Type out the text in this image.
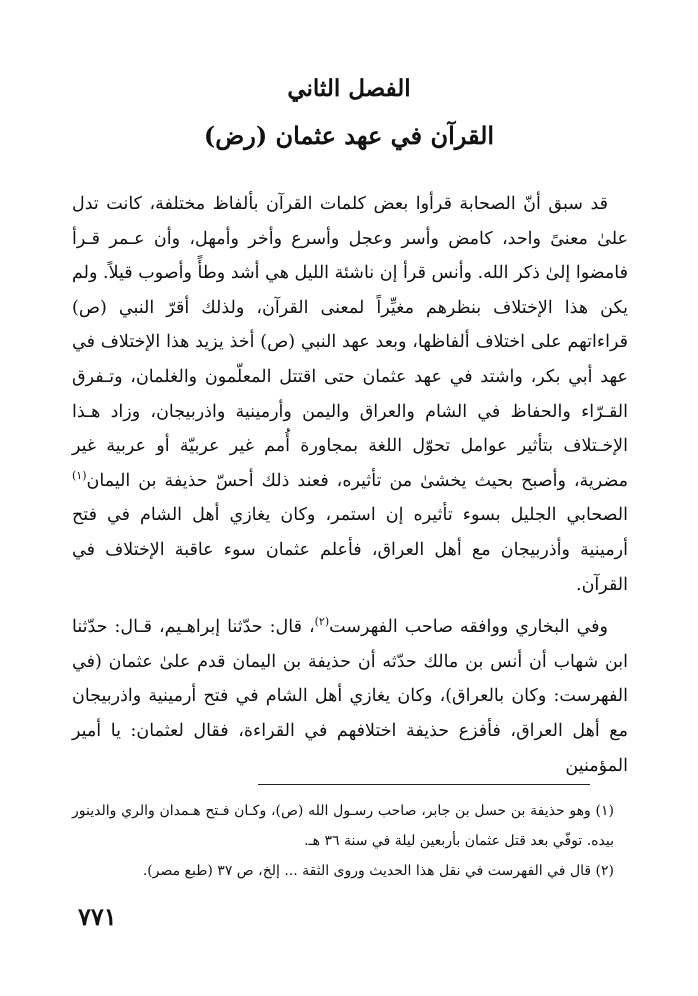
الفصل الثاني
القرآن في عهد عثمان (رض)

قد سبق أنّ الصحابة قرأوا بعض كلمات القرآن بألفاظ مختلفة، كانت تدل علىٰ معنىً واحد، كامض وأسر وعجل وأسرع وأخر وأمهل، وأن عـمر قـرأ فامضوا إلىٰ ذكر الله. وأنس قرأ إن ناشئة الليل هي أشد وطأً وأصوب قيلاً. ولم يكن هذا الإختلاف بنظرهم مغيِّراً لمعنى القرآن، ولذلك أقرّ النبي (ص) قراءاتهم على اختلاف ألفاظها، وبعد عهد النبي (ص) أخذ يزيد هذا الإختلاف في عهد أبي بكر، واشتد في عهد عثمان حتى اقتتل المعلّمون والغلمان، وتـفرق القـرّاء والحفاظ في الشام والعراق واليمن وأرمينية واذربيجان، وزاد هـذا الإخـتلاف بتأثير عوامل تحوّل اللغة بمجاورة أُمم غير عربيّة أو عربية غير مضرية، وأصبح بحيث يخشىٰ من تأثيره، فعند ذلك أحسّ حذيفة بن اليمان$^{(١)}$ الصحابي الجليل بسوء تأثيره إن استمر، وكان يغازي أهل الشام في فتح أرمينية وأذربيجان مع أهل العراق، فأعلم عثمان سوء عاقبة الإختلاف في القرآن.

وفي البخاري ووافقه صاحب الفهرست$^{(٢)}$، قال: حدّثنا إبراهـيم، قـال: حدّثنا ابن شهاب أن أنس بن مالك حدّثه أن حذيفة بن اليمان قدم علىٰ عثمان (في الفهرست: وكان بالعراق)، وكان يغازي أهل الشام في فتح أرمينية واذربيجان مع أهل العراق، فأفزع حذيفة اختلافهم في القراءة، فقال لعثمان: يا أمير المؤمنين

(١) وهو حذيفة بن حسل بن جابر، صاحب رسـول الله (ص)، وكـان فـتح هـمدان والري والدينور بيده. توفّي بعد قتل عثمان بأربعين ليلة في سنة ٣٦ هـ.

(٢) قال في الفهرست في نقل هذا الحديث وروى الثقة ... إلخ، ص ٣٧ (طبع مصر).

٧٧١
